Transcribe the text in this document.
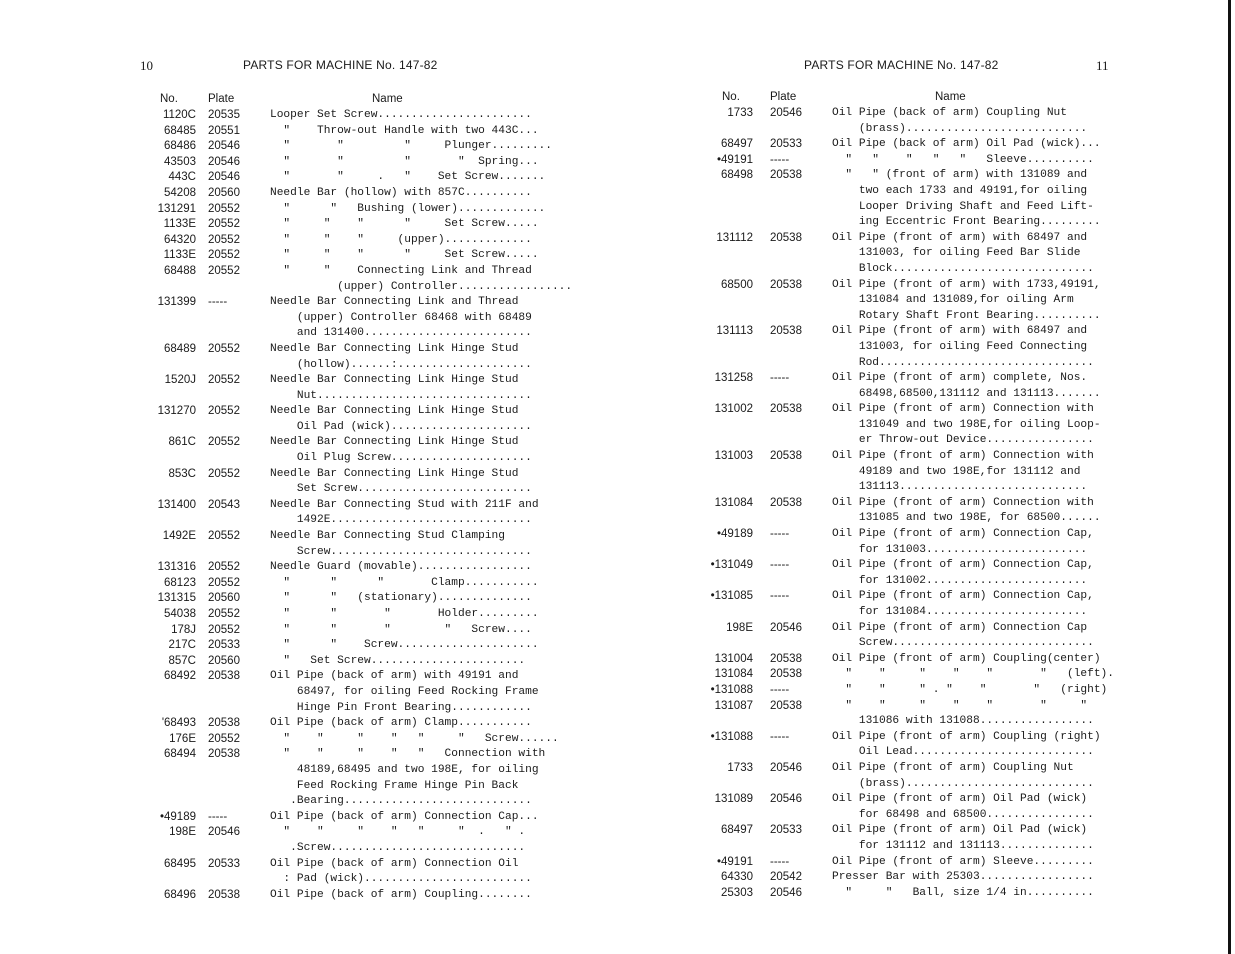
10	PARTS FOR MACHINE No. 147-82
No.	Plate	Name
1120C 20535	Looper Set Screw.......................
68485 20551	"    Throw-out Handle with two 443C...
68486 20546	"       "         "     Plunger.........
43503 20546	"       "         "       "  Spring...
443C 20546	"       "     .   "    Set Screw.......
54208 20560	Needle Bar (hollow) with 857C..........
131291 20552	"      "   Bushing (lower).............
1133E 20552	"     "    "      "     Set Screw.....
64320 20552	"     "    "     (upper).............
1133E 20552	"     "    "      "     Set Screw.....
68488 20552	"     "    Connecting Link and Thread
(upper) Controller.................
131399 -----	Needle Bar Connecting Link and Thread
(upper) Controller 68468 with 68489
and 131400.........................
68489 20552	Needle Bar Connecting Link Hinge Stud
(hollow)......:....................
1520J 20552	Needle Bar Connecting Link Hinge Stud
Nut................................
131270 20552	Needle Bar Connecting Link Hinge Stud
Oil Pad (wick).....................
861C 20552	Needle Bar Connecting Link Hinge Stud
Oil Plug Screw.....................
853C 20552	Needle Bar Connecting Link Hinge Stud
Set Screw..........................
131400 20543	Needle Bar Connecting Stud with 211F and
1492E..............................
1492E 20552	Needle Bar Connecting Stud Clamping
Screw..............................
131316 20552	Needle Guard (movable).................
68123 20552	"      "      "       Clamp...........
131315 20560	"      "   (stationary)..............
54038 20552	"      "       "       Holder.........
178J 20552	"      "       "        "   Screw....
217C 20533	"      "    Screw.....................
857C 20560	"   Set Screw.......................
68492 20538	Oil Pipe (back of arm) with 49191 and
68497, for oiling Feed Rocking Frame
Hinge Pin Front Bearing............
'68493 20538	Oil Pipe (back of arm) Clamp...........
176E 20552	"    "     "    "   "     "   Screw......
68494 20538	"    "     "    "   "   Connection with
48189,68495 and two 198E, for oiling
Feed Rocking Frame Hinge Pin Back
.Bearing............................
•49189 -----	Oil Pipe (back of arm) Connection Cap...
198E 20546	"    "     "    "   "     "  .   " .
.Screw.............................
68495 20533	Oil Pipe (back of arm) Connection Oil
: Pad (wick).........................
68496 20538	Oil Pipe (back of arm) Coupling........
PARTS FOR MACHINE No. 147-82	11
No.	Plate	Name
1733 20546	Oil Pipe (back of arm) Coupling Nut
(brass)...........................
68497 20533	Oil Pipe (back of arm) Oil Pad (wick)...
•49191 -----	"   "    "   "   "   Sleeve..........
68498 20538	"   " (front of arm) with 131089 and
two each 1733 and 49191,for oiling
Looper Driving Shaft and Feed Lift-
ing Eccentric Front Bearing.........
131112 20538	Oil Pipe (front of arm) with 68497 and
131003, for oiling Feed Bar Slide
Block..............................
68500 20538	Oil Pipe (front of arm) with 1733,49191,
131084 and 131089,for oiling Arm
Rotary Shaft Front Bearing..........
131113 20538	Oil Pipe (front of arm) with 68497 and
131003, for oiling Feed Connecting
Rod................................
131258 -----	Oil Pipe (front of arm) complete, Nos.
68498,68500,131112 and 131113.......
131002 20538	Oil Pipe (front of arm) Connection with
131049 and two 198E,for oiling Loop-
er Throw-out Device................
131003 20538	Oil Pipe (front of arm) Connection with
49189 and two 198E,for 131112 and
131113............................
131084 20538	Oil Pipe (front of arm) Connection with
131085 and two 198E, for 68500......
•49189 -----	Oil Pipe (front of arm) Connection Cap,
for 131003........................
•131049 -----	Oil Pipe (front of arm) Connection Cap,
for 131002........................
•131085 -----	Oil Pipe (front of arm) Connection Cap,
for 131084........................
198E 20546	Oil Pipe (front of arm) Connection Cap
Screw..............................
131004 20538	Oil Pipe (front of arm) Coupling(center)
131084 20538	"    "     "    "    "       "   (left).
•131088 -----	"    "     " . "    "       "   (right)
131087 20538	"    "     "    "    "       "     "
131086 with 131088.................
•131088 -----	Oil Pipe (front of arm) Coupling (right)
Oil Lead...........................
1733 20546	Oil Pipe (front of arm) Coupling Nut
(brass)............................
131089 20546	Oil Pipe (front of arm) Oil Pad (wick)
for 68498 and 68500................
68497 20533	Oil Pipe (front of arm) Oil Pad (wick)
for 131112 and 131113..............
•49191 -----	Oil Pipe (front of arm) Sleeve.........
64330 20542	Presser Bar with 25303.................
25303 20546	"     "   Ball, size 1/4 in..........
